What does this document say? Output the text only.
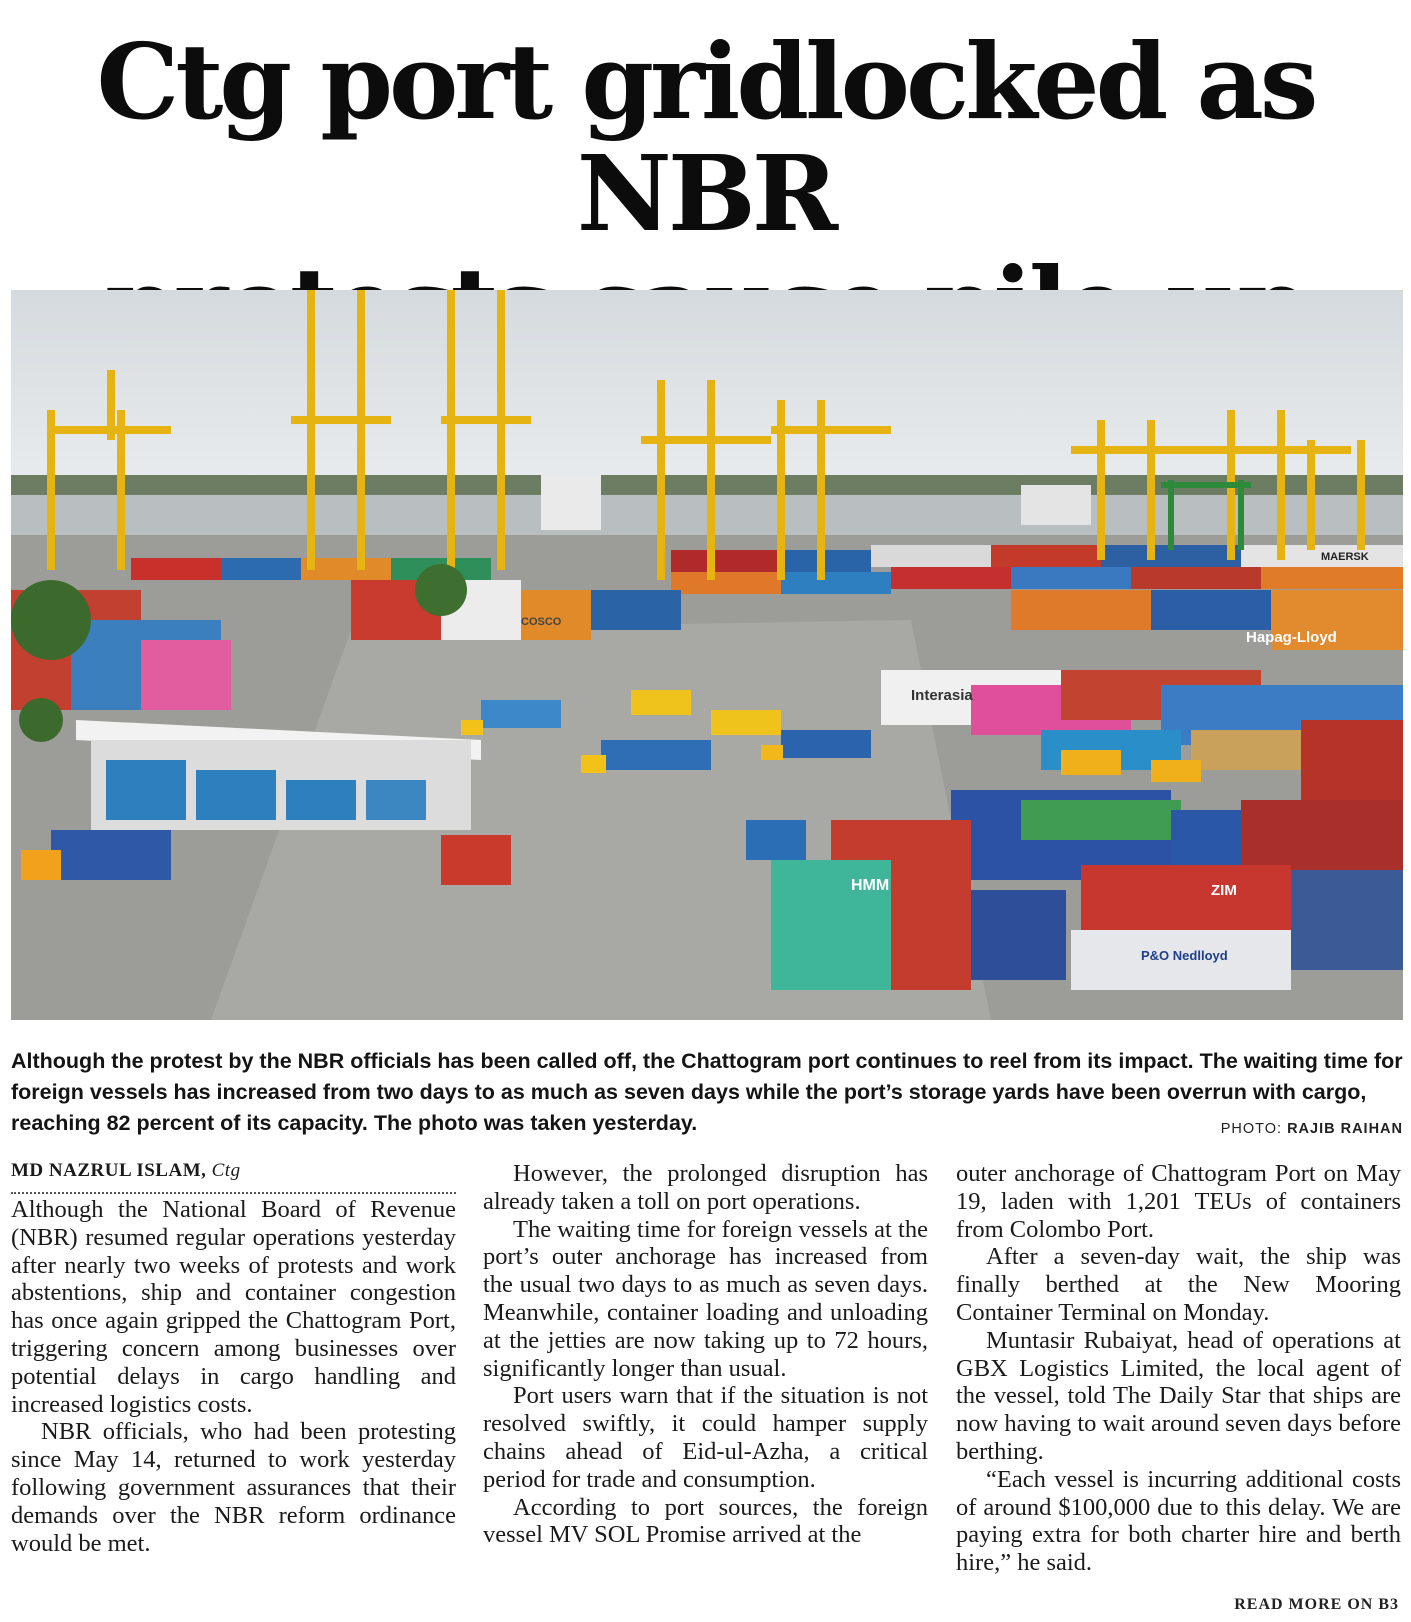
Ctg port gridlocked as NBR

Hapag-Lloyd
Interasia
ZIM
P&O Nedlloyd
HMM
MAERSK
COSCO

Although the protest by the NBR officials has been called off, the Chattogram port continues to reel from its impact. The waiting time for foreign vessels has increased from two days to as much as seven days while the port’s storage yards have been overrun with cargo, reaching 82 percent of its capacity. The photo was taken yesterday.	PHOTO: RAJIB RAIHAN
MD NAZRUL ISLAM, Ctg

Although the National Board of Revenue (NBR) resumed regular operations yesterday after nearly two weeks of protests and work abstentions, ship and container congestion has once again gripped the Chattogram Port, triggering concern among businesses over potential delays in cargo handling and increased logistics costs.

NBR officials, who had been protesting since May 14, returned to work yesterday following government assurances that their demands over the NBR reform ordinance would be met.

However, the prolonged disruption has already taken a toll on port operations.

The waiting time for foreign vessels at the port’s outer anchorage has increased from the usual two days to as much as seven days. Meanwhile, container loading and unloading at the jetties are now taking up to 72 hours, significantly longer than usual.

Port users warn that if the situation is not resolved swiftly, it could hamper supply chains ahead of Eid-ul-Azha, a critical period for trade and consumption.

According to port sources, the foreign vessel MV SOL Promise arrived at the

outer anchorage of Chattogram Port on May 19, laden with 1,201 TEUs of containers from Colombo Port.

After a seven-day wait, the ship was finally berthed at the New Mooring Container Terminal on Monday.

Muntasir Rubaiyat, head of operations at GBX Logistics Limited, the local agent of the vessel, told The Daily Star that ships are now having to wait around seven days before berthing.

“Each vessel is incurring additional costs of around $100,000 due to this delay. We are paying extra for both charter hire and berth hire,” he said.

READ MORE ON B3
